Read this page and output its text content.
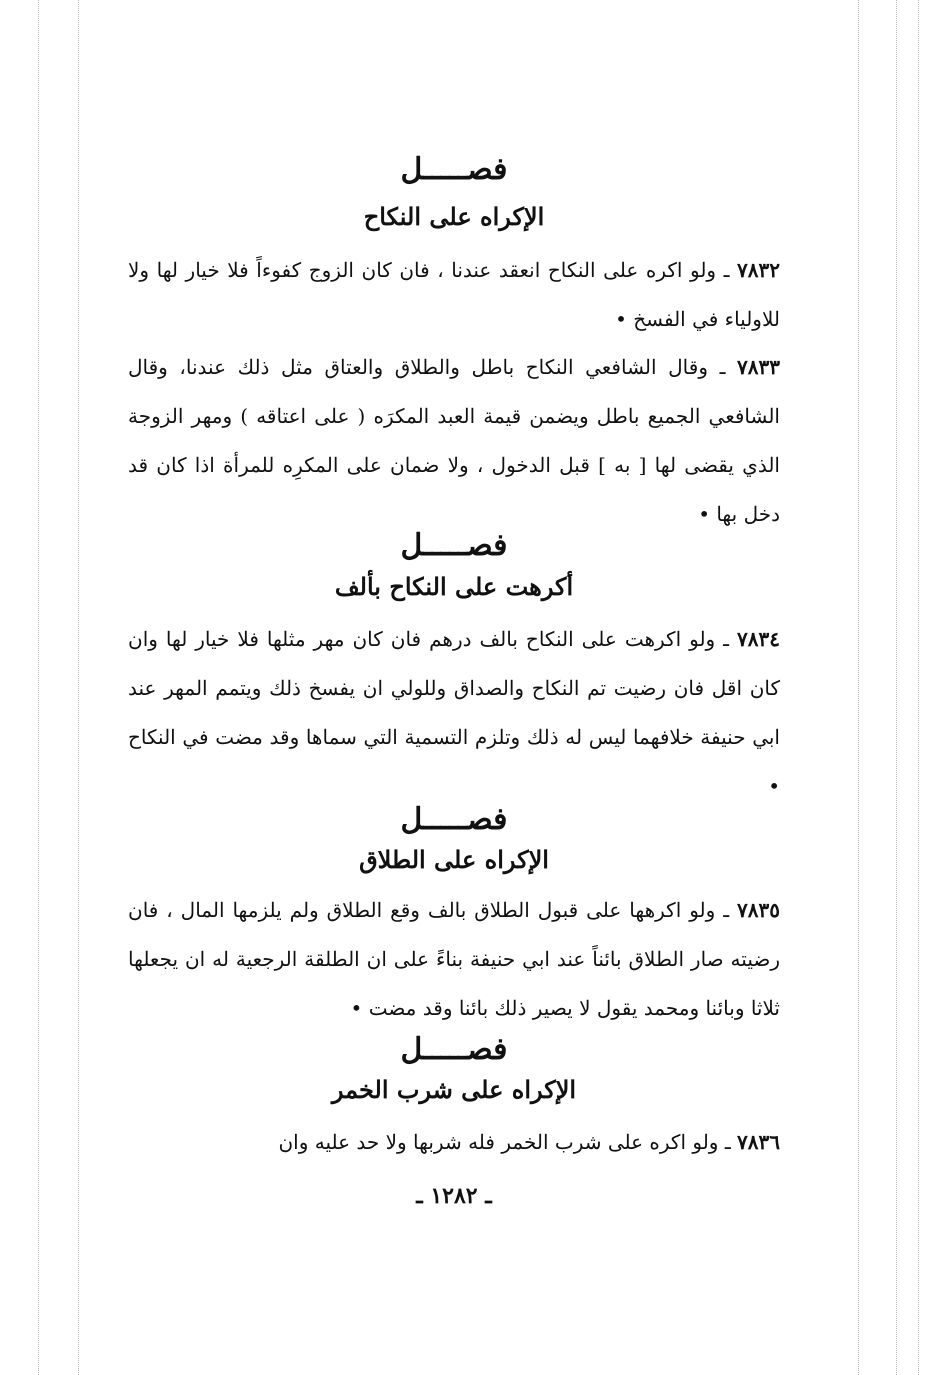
فصـــــل
الإكراه على النكاح

٧٨٣٢ ـ ولو اكره على النكاح انعقد عندنا ، فان كان الزوج كفوءاً فلا خيار لها ولا للاولياء في الفسخ •

٧٨٣٣ ـ وقال الشافعي النكاح باطل والطلاق والعتاق مثل ذلك عندنا، وقال الشافعي الجميع باطل ويضمن قيمة العبد المكرَه ( على اعتاقه ) ومهر الزوجة الذي يقضى لها [ به ] قبل الدخول ، ولا ضمان على المكرِه للمرأة اذا كان قد دخل بها •

فصـــــل
أكرهت على النكاح بألف

٧٨٣٤ ـ ولو اكرهت على النكاح بالف درهم فان كان مهر مثلها فلا خيار لها وان كان اقل فان رضيت تم النكاح والصداق وللولي ان يفسخ ذلك ويتمم المهر عند ابي حنيفة خلافهما ليس له ذلك وتلزم التسمية التي سماها وقد مضت في النكاح •

فصـــــل
الإكراه على الطلاق

٧٨٣٥ ـ ولو اكرهها على قبول الطلاق بالف وقع الطلاق ولم يلزمها المال ، فان رضيته صار الطلاق بائناً عند ابي حنيفة بناءً على ان الطلقة الرجعية له ان يجعلها ثلاثا وبائنا ومحمد يقول لا يصير ذلك بائنا وقد مضت •

فصـــــل
الإكراه على شرب الخمر

٧٨٣٦ ـ ولو اكره على شرب الخمر فله شربها ولا حد عليه وان

ـ ١٢٨٢ ـ
